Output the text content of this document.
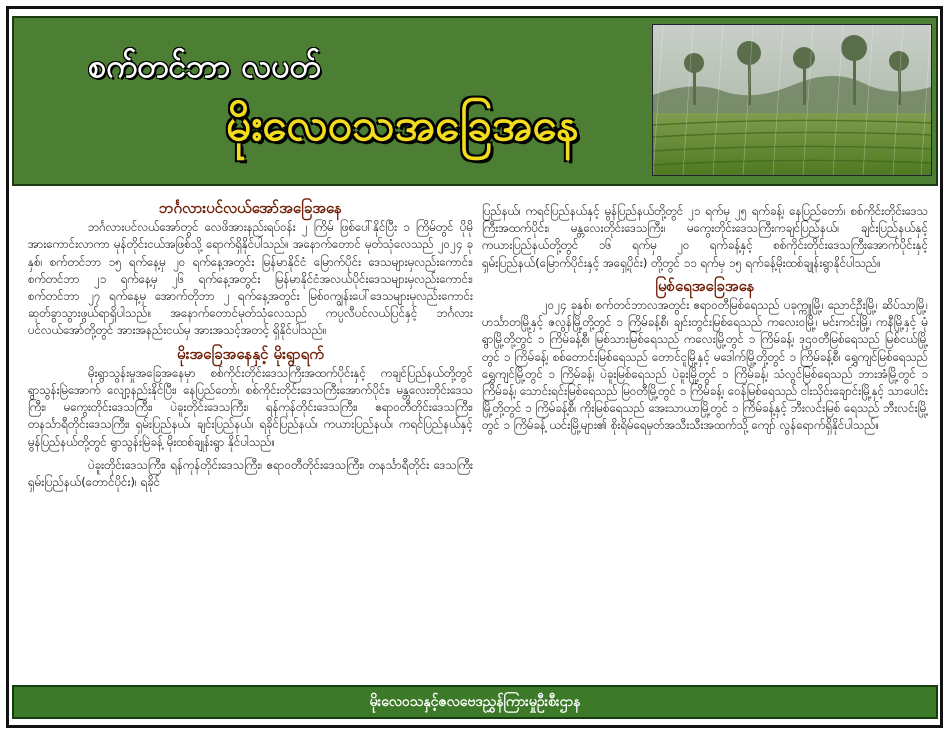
စက်တင်ဘာ လပတ်
မိုးလေဝသအခြေအနေ
ဘင်္ဂလားပင်လယ်အော်အခြေအနေ

ဘင်္ဂလားပင်လယ်အော်တွင် လေဖိအားနည်းရပ်ဝန်း ၂ ကြိမ် ဖြစ်ပေါ်နိုင်ပြီး ၁ ကြိမ်တွင် ပိုမိုအားကောင်းလာကာ မုန်တိုင်းငယ်အဖြစ်သို့ ရောက်ရှိနိုင်ပါသည်။ အနောက်တောင် မုတ်သုံလေသည် ၂၀၂၄ ခုနှစ်၊ စက်တင်ဘာ ၁၅ ရက်နေ့မှ ၂၀ ရက်နေ့အတွင်း မြန်မာနိုင်ငံ မြောက်ပိုင်း ဒေသများမှလည်းကောင်း၊ စက်တင်ဘာ ၂၁ ရက်နေ့မှ ၂၆ ရက်နေ့အတွင်း မြန်မာနိုင်ငံအလယ်ပိုင်းဒေသများမှလည်းကောင်း၊ စက်တင်ဘာ ၂၇ ရက်နေ့မှ အောက်တိုဘာ ၂ ရက်နေ့အတွင်း မြစ်ဝကျွန်းပေါ်ဒေသများမှလည်းကောင်း ဆုတ်ခွာသွားဖွယ်ရာရှိပါသည်။ အနောက်တောင်မုတ်သုံလေသည် ကပ္ပလီပင်လယ်ပြင်နှင့် ဘင်္ဂလားပင်လယ်အော်တို့တွင် အားအနည်းငယ်မှ အားအသင့်အတင့် ရှိနိုင်ပါသည်။

မိုးအခြေအနေနှင့် မိုးရွာရက်

မိုးရွာသွန်းမှုအခြေအနေမှာ စစ်ကိုင်းတိုင်းဒေသကြီးအထက်ပိုင်းနှင့် ကချင်ပြည်နယ်တို့တွင် ရွာသွန်းမြဲအောက် လျော့နည်းနိုင်ပြီး၊ နေပြည်တော်၊ စစ်ကိုင်းတိုင်းဒေသကြီးအောက်ပိုင်း၊ မန္တလေးတိုင်းဒေသကြီး၊ မကွေးတိုင်းဒေသကြီး၊ ပဲခူးတိုင်းဒေသကြီး၊ ရန်ကုန်တိုင်းဒေသကြီး၊ ဧရာဝတီတိုင်းဒေသကြီး၊ တနင်္သာရီတိုင်းဒေသကြီး၊ ရှမ်းပြည်နယ်၊ ချင်းပြည်နယ်၊ ရခိုင်ပြည်နယ်၊ ကယားပြည်နယ်၊ ကရင်ပြည်နယ်နှင့် မွန်ပြည်နယ်တို့တွင် ရွာသွန်းမြဲခန့် မိုးထစ်ချုန်းရွာ နိုင်ပါသည်။

ပဲခူးတိုင်းဒေသကြီး၊ ရန်ကုန်တိုင်းဒေသကြီး၊ ဧရာဝတီတိုင်းဒေသကြီး၊ တနင်္သာရီတိုင်း ဒေသကြီးရှမ်းပြည်နယ်(တောင်ပိုင်း)၊ ရခိုင်

ပြည်နယ်၊ ကရင်ပြည်နယ်နှင့် မွန်ပြည်နယ်တို့တွင် ၂၁ ရက်မှ ၂၅ ရက်ခန့်၊ နေပြည်တော်၊ စစ်ကိုင်းတိုင်းဒေသကြီးအထက်ပိုင်း၊ မန္တလေးတိုင်းဒေသကြီး၊ မကွေးတိုင်းဒေသကြီးကချင်ပြည်နယ်၊ ချင်းပြည်နယ်နှင့် ကယားပြည်နယ်တို့တွင် ၁၆ ရက်မှ ၂၀ ရက်ခန့်နှင့် စစ်ကိုင်းတိုင်းဒေသကြီးအောက်ပိုင်းနှင့် ရှမ်းပြည်နယ်(မြောက်ပိုင်းနှင့် အရှေ့ပိုင်း) တို့တွင် ၁၁ ရက်မှ ၁၅ ရက်ခန့်မိုးထစ်ချုန်းရွာနိုင်ပါသည်။

မြစ်ရေအခြေအနေ

၂၀၂၄ ခုနှစ်၊ စက်တင်ဘာလအတွင်း ဧရာဝတီမြစ်ရေသည် ပခုက္ကူမြို့၊ ညောင်ဦးမြို့၊ ဆိပ်သာမြို့၊ ဟင်္သာတမြို့နှင့် ဇလွန်မြို့တို့တွင် ၁ ကြိမ်ခန့်စီ၊ ချင်းတွင်းမြစ်ရေသည် ကလေးဝမြို့၊ မင်းကင်းမြို့၊ ကနီမြို့နှင့် မုံရွာမြို့တို့တွင် ၁ ကြိမ်ခန့်စီ၊ မြစ်သားမြစ်ရေသည် ကလေးမြို့တွင် ၁ ကြိမ်ခန့်၊ ဒုဌဝတီမြစ်ရေသည် မြစ်ငယ်မြို့တွင် ၁ ကြိမ်ခန့်၊ စစ်တောင်းမြစ်ရေသည် တောင်ငူမြို့နှင့် မဒေါက်မြို့တို့တွင် ၁ ကြိမ်ခန့်စီ၊ ရွှေကျင်မြစ်ရေသည် ရွှေကျင်မြို့တွင် ၁ ကြိမ်ခန့်၊ ပဲခူးမြစ်ရေသည် ပဲခူးမြို့တွင် ၁ ကြိမ်ခန့်၊ သံလွင်မြစ်ရေသည် ဘားအံမြို့တွင် ၁ ကြိမ်ခန့်၊ သောင်းရင်းမြစ်ရေသည် မြဝတီမြို့တွင် ၁ ကြိမ်ခန့်၊ ဝေန်မြစ်ရေသည် ငါးသိုင်းချောင်းမြို့နှင့် သာပေါင်းမြို့တို့တွင် ၁ ကြိမ်ခန့်စီ၊ ကိုးမြစ်ရေသည် အေးသာယာမြို့တွင် ၁ ကြိမ်ခန့်နှင့် ဘီးလင်းမြစ် ရေသည် ဘီးလင်းမြို့တွင် ၁ ကြိမ်ခန့် ယင်းမြို့များ၏ စိုးရိမ်ရေမှတ်အသီးသီးအထက်သို့ ကျော် လွန်ရောက်ရှိနိုင်ပါသည်။

မိုးလေဝသနှင့်ဇလဗေဒညွှန်ကြားမှုဦးစီးဌာန
